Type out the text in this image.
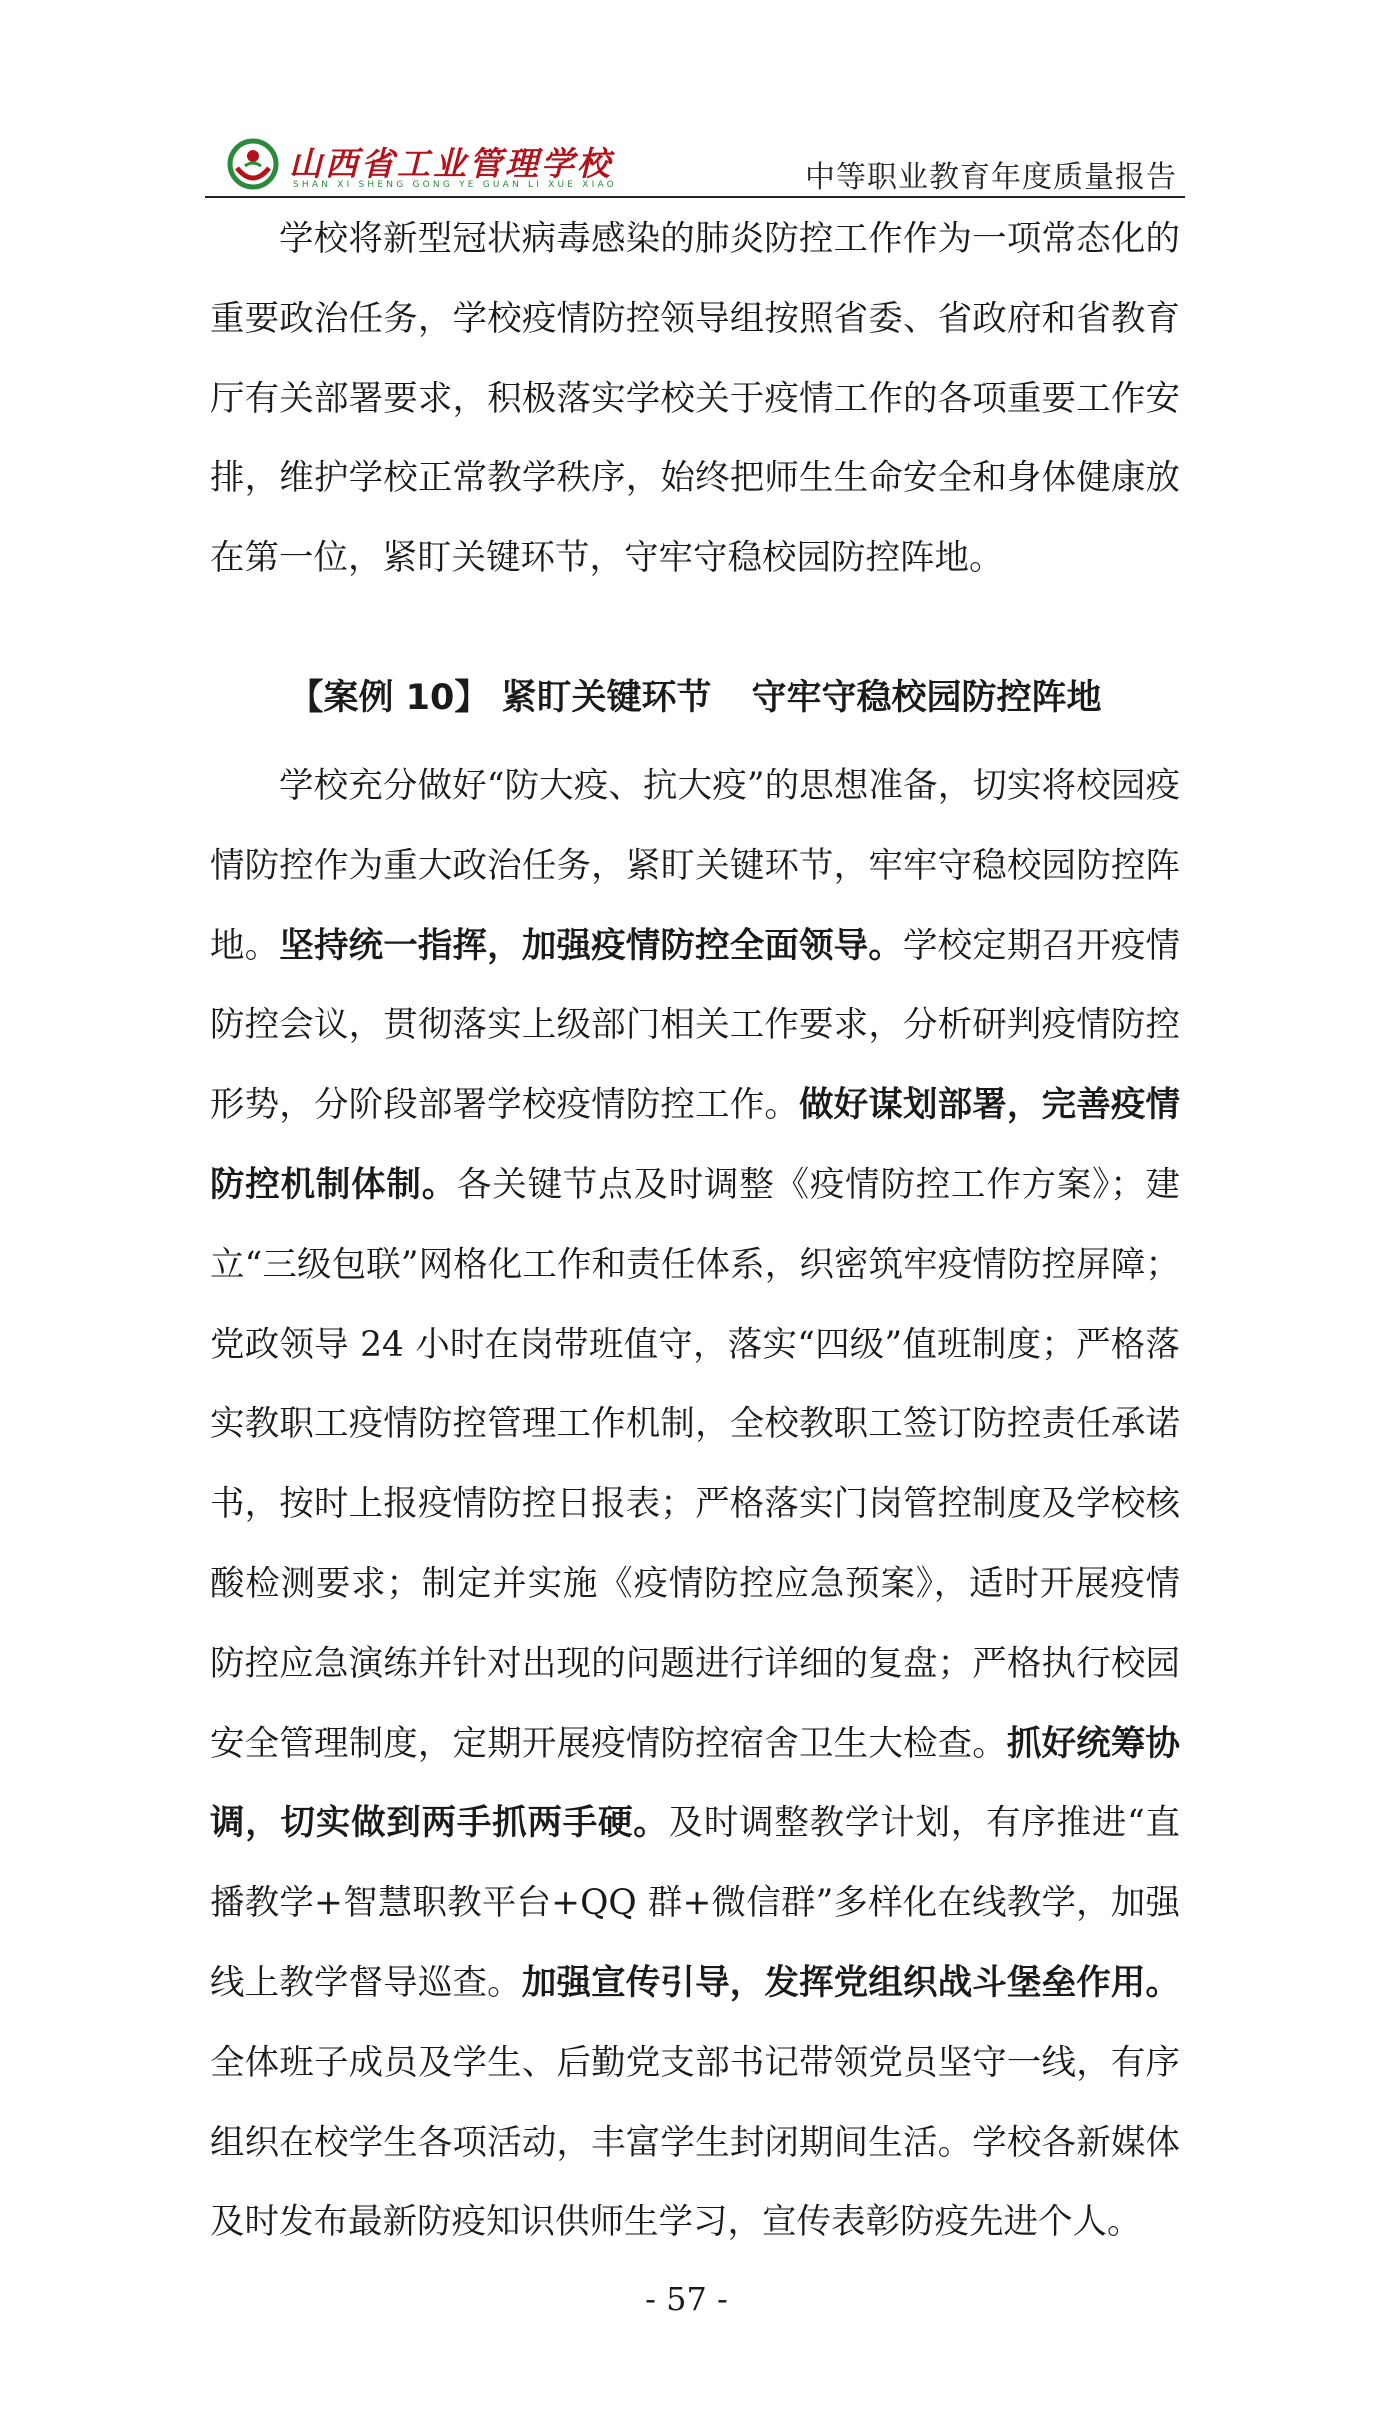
山西省工业管理学校
SHAN XI SHENG GONG YE GUAN LI XUE XIAO	中等职业教育年度质量报告

学校将新型冠状病毒感染的肺炎防控工作作为一项常态化的重要政治任务，学校疫情防控领导组按照省委、省政府和省教育厅有关部署要求，积极落实学校关于疫情工作的各项重要工作安排，维护学校正常教学秩序，始终把师生生命安全和身体健康放在第一位，紧盯关键环节，守牢守稳校园防控阵地。

【案例 10】 紧盯关键环节 守牢守稳校园防控阵地

学校充分做好“防大疫、抗大疫”的思想准备，切实将校园疫情防控作为重大政治任务，紧盯关键环节，牢牢守稳校园防控阵地。坚持统一指挥，加强疫情防控全面领导。学校定期召开疫情防控会议，贯彻落实上级部门相关工作要求，分析研判疫情防控形势，分阶段部署学校疫情防控工作。做好谋划部署，完善疫情防控机制体制。各关键节点及时调整《疫情防控工作方案》；建立“三级包联”网格化工作和责任体系，织密筑牢疫情防控屏障；党政领导 24 小时在岗带班值守，落实“四级”值班制度；严格落实教职工疫情防控管理工作机制，全校教职工签订防控责任承诺书，按时上报疫情防控日报表；严格落实门岗管控制度及学校核酸检测要求；制定并实施《疫情防控应急预案》，适时开展疫情防控应急演练并针对出现的问题进行详细的复盘；严格执行校园安全管理制度，定期开展疫情防控宿舍卫生大检查。抓好统筹协调，切实做到两手抓两手硬。及时调整教学计划，有序推进“直播教学+智慧职教平台+QQ 群+微信群”多样化在线教学，加强线上教学督导巡查。加强宣传引导，发挥党组织战斗堡垒作用。全体班子成员及学生、后勤党支部书记带领党员坚守一线，有序组织在校学生各项活动，丰富学生封闭期间生活。学校各新媒体及时发布最新防疫知识供师生学习，宣传表彰防疫先进个人。

- 57 -
